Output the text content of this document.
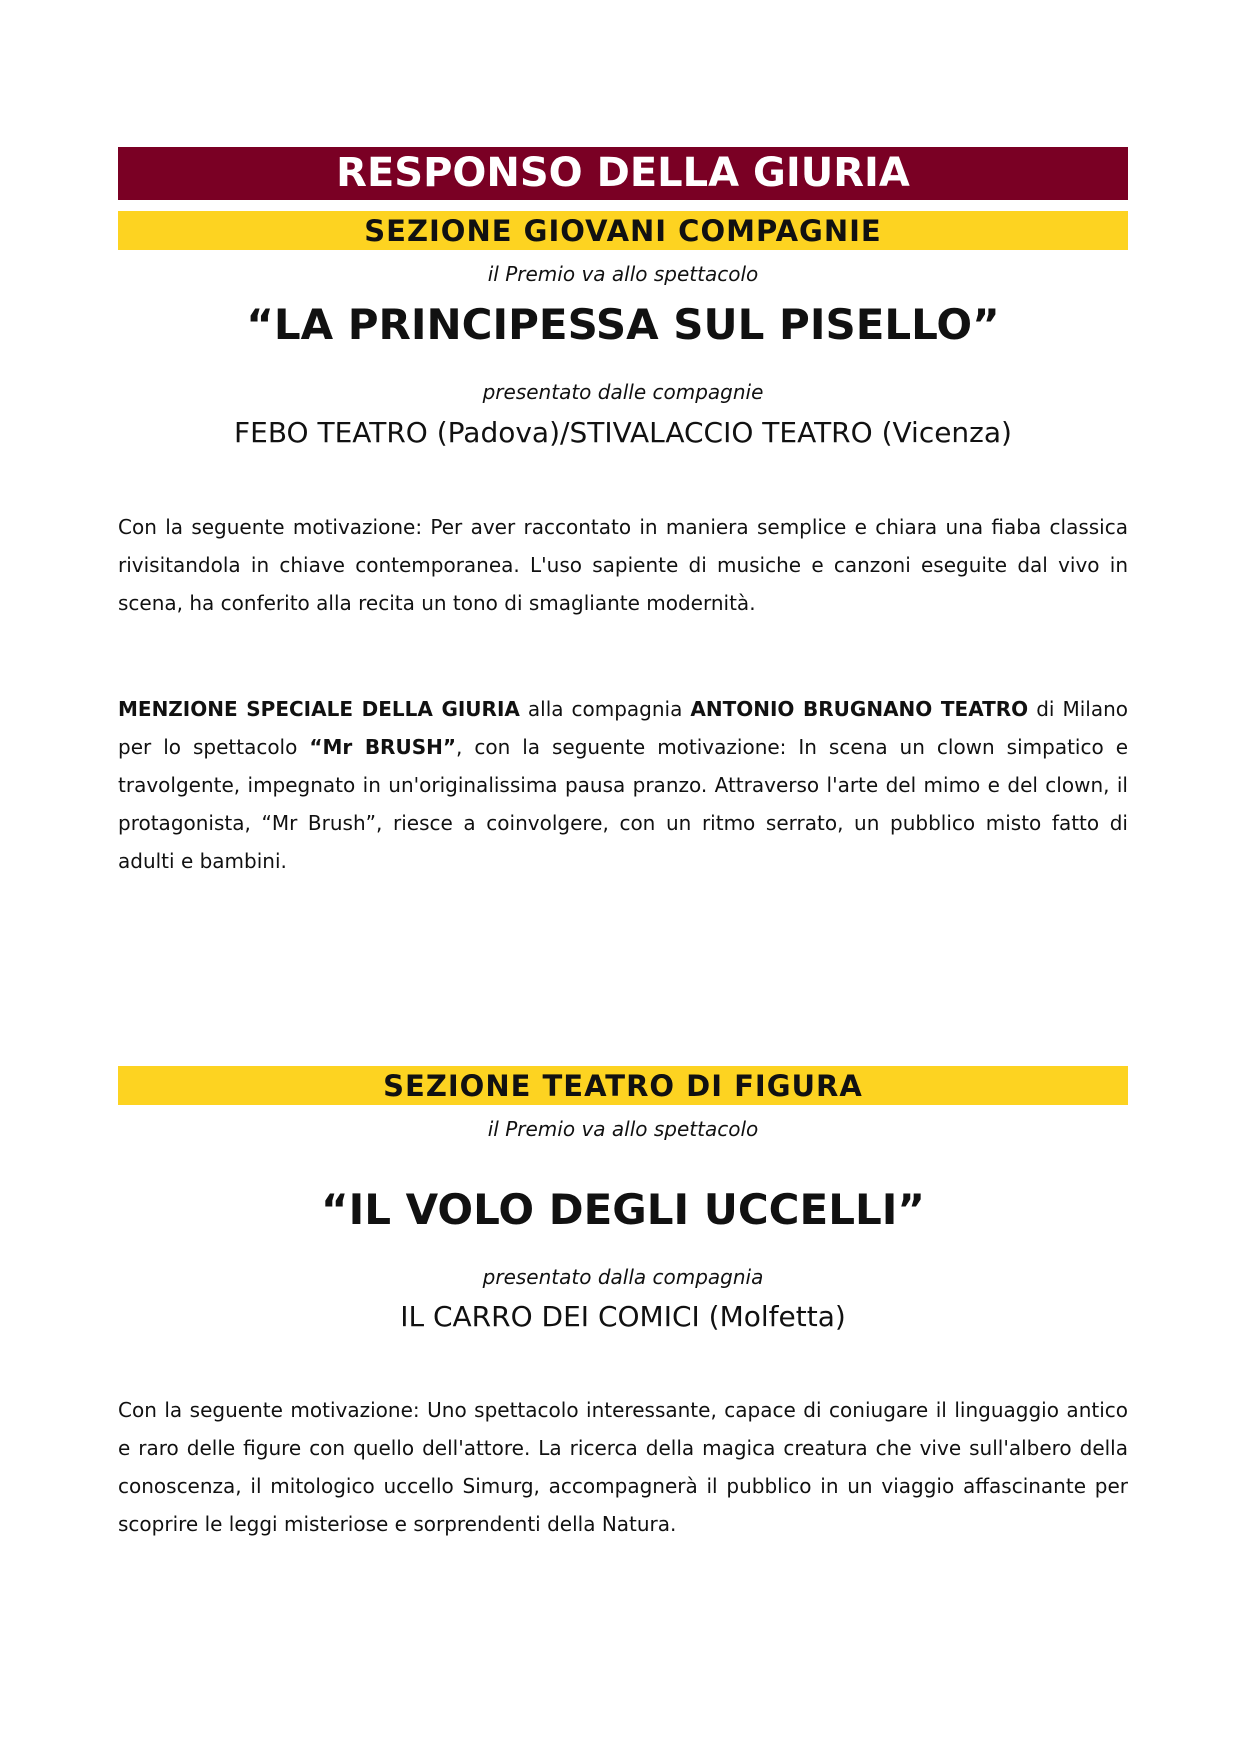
RESPONSO DELLA GIURIA
SEZIONE GIOVANI COMPAGNIE
il Premio va allo spettacolo
“LA PRINCIPESSA SUL PISELLO”
presentato dalle compagnie
FEBO TEATRO (Padova)/STIVALACCIO TEATRO (Vicenza)

Con la seguente motivazione: Per aver raccontato in maniera semplice e chiara una fiaba classica rivisitandola in chiave contemporanea. L'uso sapiente di musiche e canzoni eseguite dal vivo in scena, ha conferito alla recita un tono di smagliante modernità.

MENZIONE SPECIALE DELLA GIURIA alla compagnia ANTONIO BRUGNANO TEATRO di Milano per lo spettacolo “Mr BRUSH”, con la seguente motivazione: In scena un clown simpatico e travolgente, impegnato in un'originalissima pausa pranzo. Attraverso l'arte del mimo e del clown, il protagonista, “Mr Brush”, riesce a coinvolgere, con un ritmo serrato, un pubblico misto fatto di adulti e bambini.

SEZIONE TEATRO DI FIGURA
il Premio va allo spettacolo
“IL VOLO DEGLI UCCELLI”
presentato dalla compagnia
IL CARRO DEI COMICI (Molfetta)

Con la seguente motivazione: Uno spettacolo interessante, capace di coniugare il linguaggio antico e raro delle figure con quello dell'attore. La ricerca della magica creatura che vive sull'albero della conoscenza, il mitologico uccello Simurg, accompagnerà il pubblico in un viaggio affascinante per scoprire le leggi misteriose e sorprendenti della Natura.
